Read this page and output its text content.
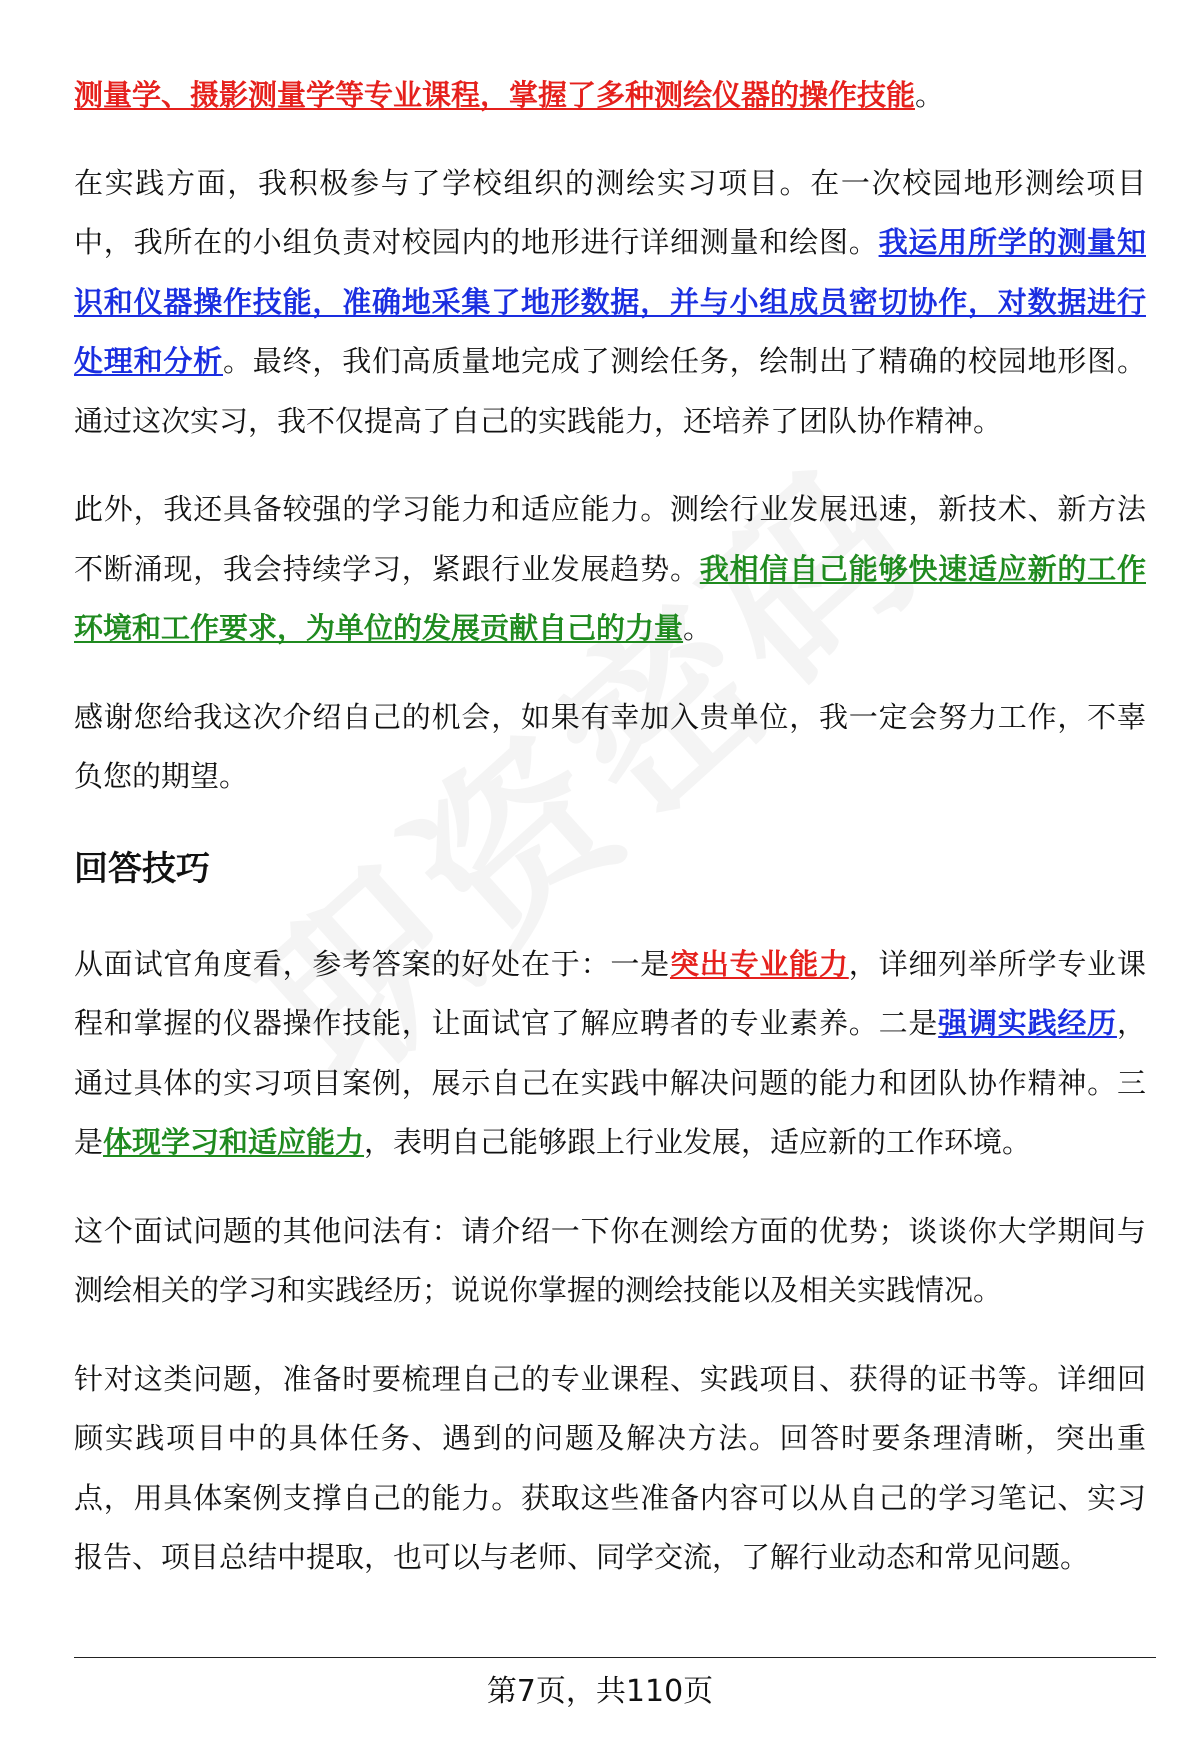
测量学、摄影测量学等专业课程，掌握了多种测绘仪器的操作技能。

在实践方面，我积极参与了学校组织的测绘实习项目。在一次校园地形测绘项目中，我所在的小组负责对校园内的地形进行详细测量和绘图。我运用所学的测量知识和仪器操作技能，准确地采集了地形数据，并与小组成员密切协作，对数据进行处理和分析。最终，我们高质量地完成了测绘任务，绘制出了精确的校园地形图。通过这次实习，我不仅提高了自己的实践能力，还培养了团队协作精神。

此外，我还具备较强的学习能力和适应能力。测绘行业发展迅速，新技术、新方法不断涌现，我会持续学习，紧跟行业发展趋势。我相信自己能够快速适应新的工作环境和工作要求，为单位的发展贡献自己的力量。

感谢您给我这次介绍自己的机会，如果有幸加入贵单位，我一定会努力工作，不辜负您的期望。

回答技巧

从面试官角度看，参考答案的好处在于：一是突出专业能力，详细列举所学专业课程和掌握的仪器操作技能，让面试官了解应聘者的专业素养。二是强调实践经历，通过具体的实习项目案例，展示自己在实践中解决问题的能力和团队协作精神。三是体现学习和适应能力，表明自己能够跟上行业发展，适应新的工作环境。

这个面试问题的其他问法有：请介绍一下你在测绘方面的优势；谈谈你大学期间与测绘相关的学习和实践经历；说说你掌握的测绘技能以及相关实践情况。

针对这类问题，准备时要梳理自己的专业课程、实践项目、获得的证书等。详细回顾实践项目中的具体任务、遇到的问题及解决方法。回答时要条理清晰，突出重点，用具体案例支撑自己的能力。获取这些准备内容可以从自己的学习笔记、实习报告、项目总结中提取，也可以与老师、同学交流，了解行业动态和常见问题。

第7页，共110页
